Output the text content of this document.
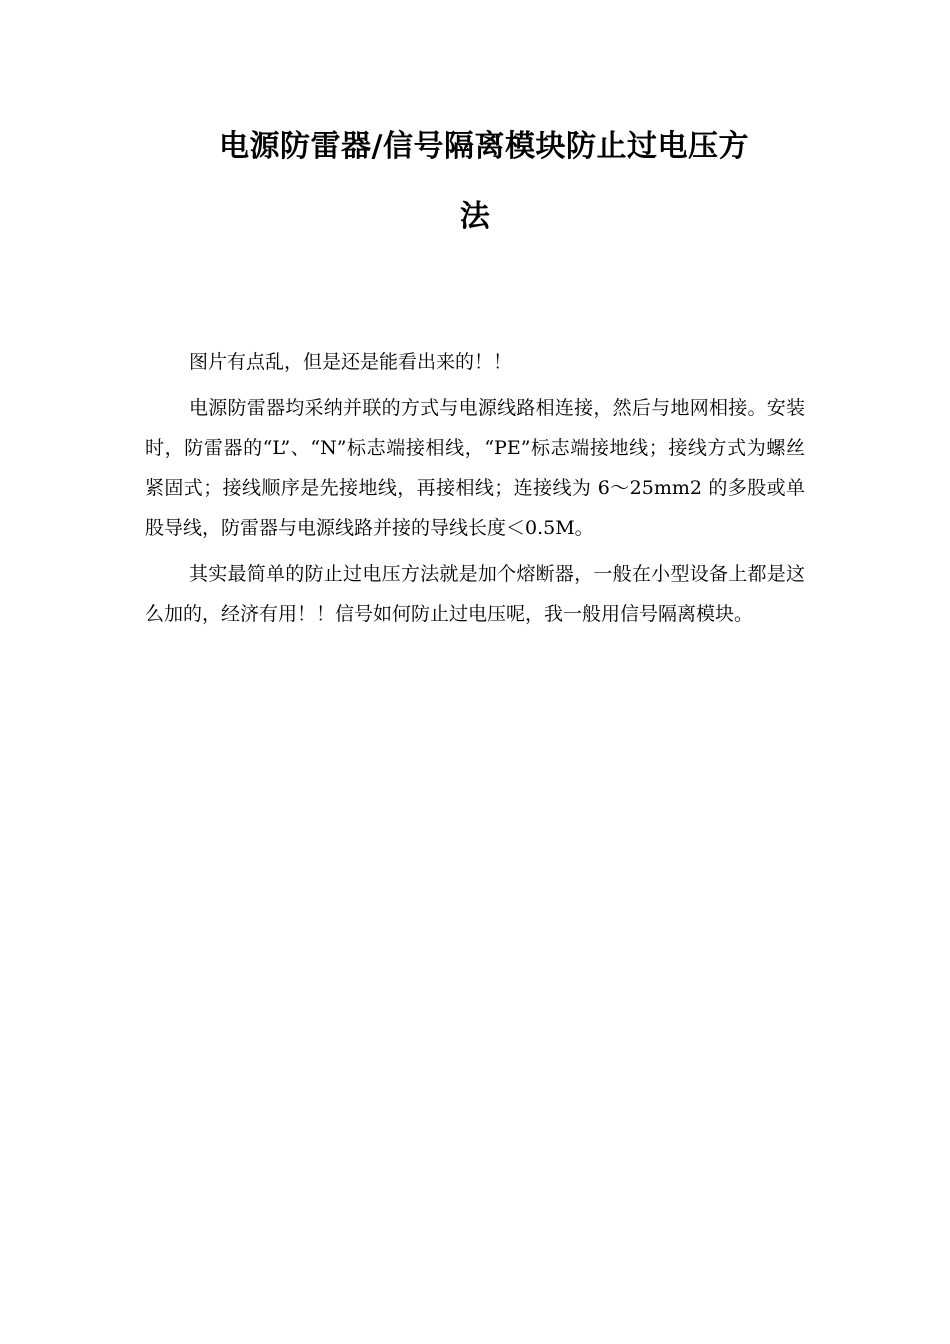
电源防雷器/信号隔离模块防止过电压方
法

图片有点乱，但是还是能看出来的！！

电源防雷器均采纳并联的方式与电源线路相连接，然后与地网相接。安装时，防雷器的“L”、“N”标志端接相线，“PE”标志端接地线；接线方式为螺丝紧固式；接线顺序是先接地线，再接相线；连接线为 6～25mm2 的多股或单股导线，防雷器与电源线路并接的导线长度＜0.5M。

其实最简单的防止过电压方法就是加个熔断器，一般在小型设备上都是这么加的，经济有用！！信号如何防止过电压呢，我一般用信号隔离模块。
